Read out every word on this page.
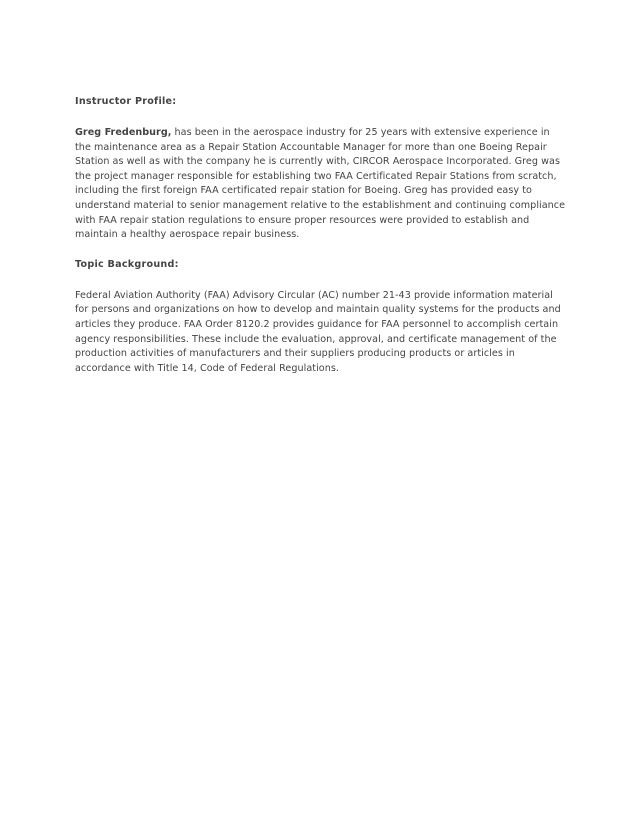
Instructor Profile:

Greg Fredenburg, has been in the aerospace industry for 25 years with extensive experience in the maintenance area as a Repair Station Accountable Manager for more than one Boeing Repair Station as well as with the company he is currently with, CIRCOR Aerospace Incorporated. Greg was the project manager responsible for establishing two FAA Certificated Repair Stations from scratch, including the first foreign FAA certificated repair station for Boeing. Greg has provided easy to understand material to senior management relative to the establishment and continuing compliance with FAA repair station regulations to ensure proper resources were provided to establish and maintain a healthy aerospace repair business.

Topic Background:

Federal Aviation Authority (FAA) Advisory Circular (AC) number 21-43 provide information material for persons and organizations on how to develop and maintain quality systems for the products and articles they produce. FAA Order 8120.2 provides guidance for FAA personnel to accomplish certain agency responsibilities. These include the evaluation, approval, and certificate management of the production activities of manufacturers and their suppliers producing products or articles in accordance with Title 14, Code of Federal Regulations.
